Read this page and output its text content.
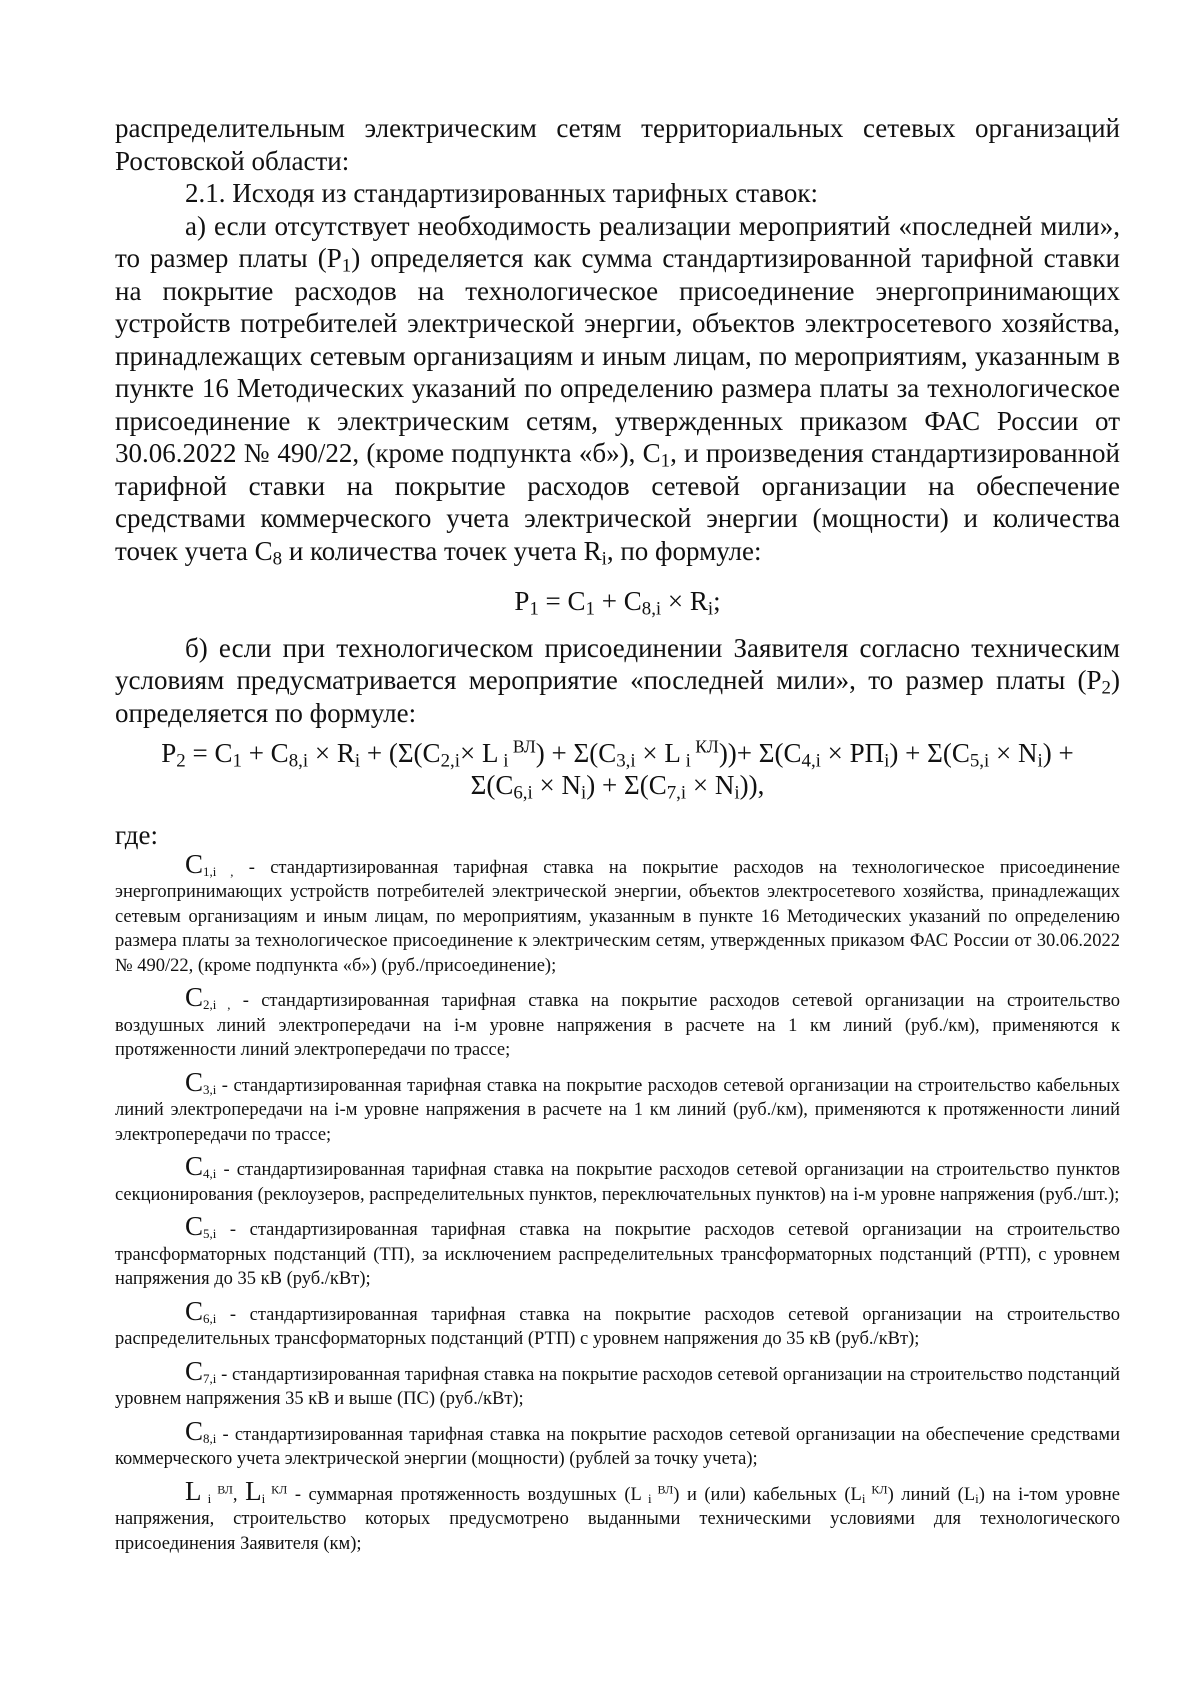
распределительным электрическим сетям территориальных сетевых организаций Ростовской области:

2.1. Исходя из стандартизированных тарифных ставок:

а) если отсутствует необходимость реализации мероприятий «последней мили», то размер платы $(P_1)$ определяется как сумма стандартизированной тарифной ставки на покрытие расходов на технологическое присоединение энергопринимающих устройств потребителей электрической энергии, объектов электросетевого хозяйства, принадлежащих сетевым организациям и иным лицам, по мероприятиям, указанным в пункте 16 Методических указаний по определению размера платы за технологическое присоединение к электрическим сетям, утвержденных приказом ФАС России от 30.06.2022 № 490/22, (кроме подпункта «б»), $C_1$, и произведения стандартизированной тарифной ставки на покрытие расходов сетевой организации на обеспечение средствами коммерческого учета электрической энергии (мощности) и количества точек учета $C_8$ и количества точек учета $R_i$, по формуле:

$P_1 = C_1 + C_{8,i} \times R_i$;

б) если при технологическом присоединении Заявителя согласно техническим условиям предусматривается мероприятие «последней мили», то размер платы $(P_2)$ определяется по формуле:

$P_2 = C_1 + C_{8,i} \times R_i + (\Sigma(C_{2,i}\times L$ $_i$ $^{ВЛ}) + \Sigma(C_{3,i} \times L$ $_i$ $^{КЛ}))+ \Sigma(C_{4,i} \times РП_i) + \Sigma(C_{5,i} \times N_i)$ +
$\Sigma(C_{6,i} \times N_i) + \Sigma(C_{7,i} \times N_i)$),

где:

$C_{1,i ,}$ - стандартизированная тарифная ставка на покрытие расходов на технологическое присоединение энергопринимающих устройств потребителей электрической энергии, объектов электросетевого хозяйства, принадлежащих сетевым организациям и иным лицам, по мероприятиям, указанным в пункте 16 Методических указаний по определению размера платы за технологическое присоединение к электрическим сетям, утвержденных приказом ФАС России от 30.06.2022 № 490/22, (кроме подпункта «б») (руб./присоединение);

$C_{2,i ,}$ - стандартизированная тарифная ставка на покрытие расходов сетевой организации на строительство воздушных линий электропередачи на i-м уровне напряжения в расчете на 1 км линий (руб./км), применяются к протяженности линий электропередачи по трассе;

$C_{3,i}$ - стандартизированная тарифная ставка на покрытие расходов сетевой организации на строительство кабельных линий электропередачи на i-м уровне напряжения в расчете на 1 км линий (руб./км), применяются к протяженности линий электропередачи по трассе;

$C_{4,i}$ - стандартизированная тарифная ставка на покрытие расходов сетевой организации на строительство пунктов секционирования (реклоузеров, распределительных пунктов, переключательных пунктов) на i-м уровне напряжения (руб./шт.);

$C_{5,i}$ - стандартизированная тарифная ставка на покрытие расходов сетевой организации на строительство трансформаторных подстанций (ТП), за исключением распределительных трансформаторных подстанций (РТП), с уровнем напряжения до 35 кВ (руб./кВт);

$C_{6,i}$ - стандартизированная тарифная ставка на покрытие расходов сетевой организации на строительство распределительных трансформаторных подстанций (РТП) с уровнем напряжения до 35 кВ (руб./кВт);

$C_{7,i}$ - стандартизированная тарифная ставка на покрытие расходов сетевой организации на строительство подстанций уровнем напряжения 35 кВ и выше (ПС) (руб./кВт);

$C_{8,i}$ - стандартизированная тарифная ставка на покрытие расходов сетевой организации на обеспечение средствами коммерческого учета электрической энергии (мощности) (рублей за точку учета);

L $_i$ $^{ВЛ}$, $L_i$ $^{КЛ}$ - суммарная протяженность воздушных (L $_i$ $^{ВЛ}$) и (или) кабельных ($L_i$ $^{КЛ}$) линий $(L_i)$ на i-том уровне напряжения, строительство которых предусмотрено выданными техническими условиями для технологического присоединения Заявителя (км);
